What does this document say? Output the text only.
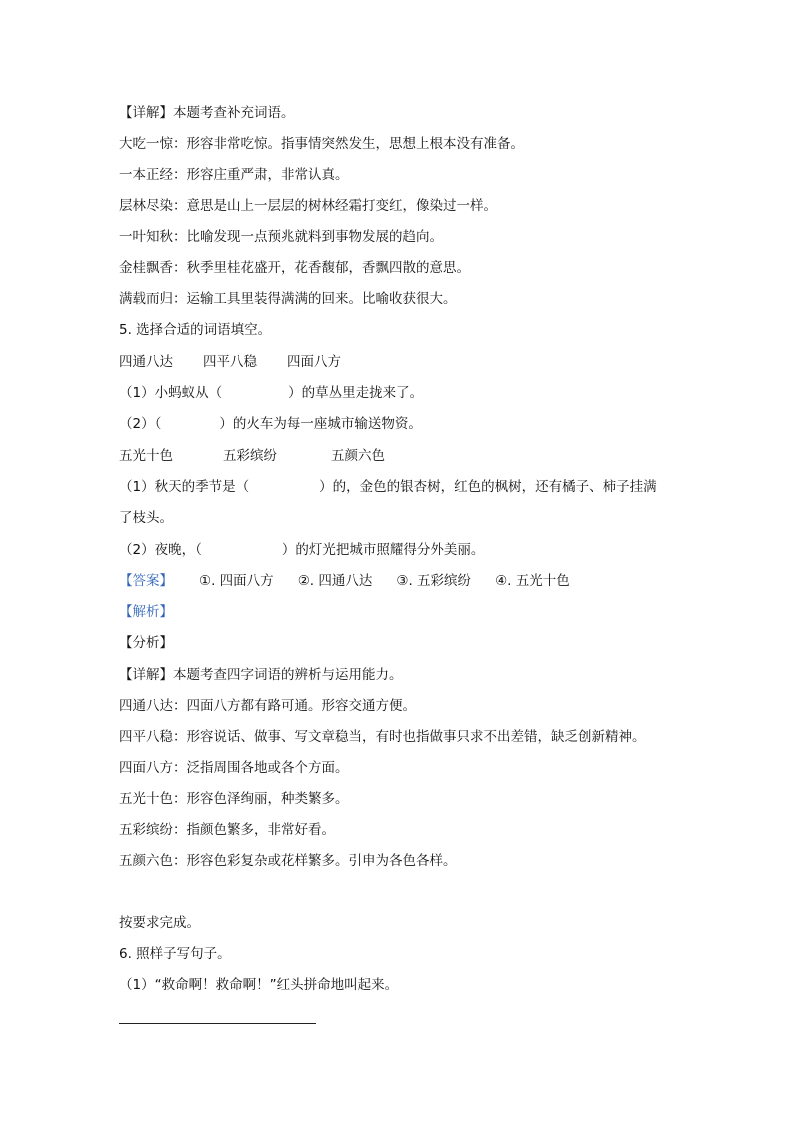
【详解】本题考查补充词语。
大吃一惊：形容非常吃惊。指事情突然发生，思想上根本没有准备。
一本正经：形容庄重严肃，非常认真。
层林尽染：意思是山上一层层的树林经霜打变红，像染过一样。
一叶知秋：比喻发现一点预兆就料到事物发展的趋向。
金桂飘香：秋季里桂花盛开，花香馥郁，香飘四散的意思。
满载而归：运输工具里装得满满的回来。比喻收获很大。
5. 选择合适的词语填空。
四通八达 四平八稳 四面八方
（1）小蚂蚁从（	）的草丛里走拢来了。
（2）（	）的火车为每一座城市输送物资。
五光十色	五彩缤纷	五颜六色
（1）秋天的季节是（	）的，金色的银杏树，红色的枫树，还有橘子、柿子挂满
了枝头。
（2）夜晚，（	）的灯光把城市照耀得分外美丽。
【答案】 ①. 四面八方 ②. 四通八达 ③. 五彩缤纷 ④. 五光十色
【解析】
【分析】
【详解】本题考查四字词语的辨析与运用能力。
四通八达：四面八方都有路可通。形容交通方便。
四平八稳：形容说话、做事、写文章稳当，有时也指做事只求不出差错，缺乏创新精神。
四面八方：泛指周围各地或各个方面。
五光十色：形容色泽绚丽，种类繁多。
五彩缤纷：指颜色繁多，非常好看。
五颜六色：形容色彩复杂或花样繁多。引申为各色各样。
按要求完成。
6. 照样子写句子。
（1）“救命啊！救命啊！”红头拼命地叫起来。
